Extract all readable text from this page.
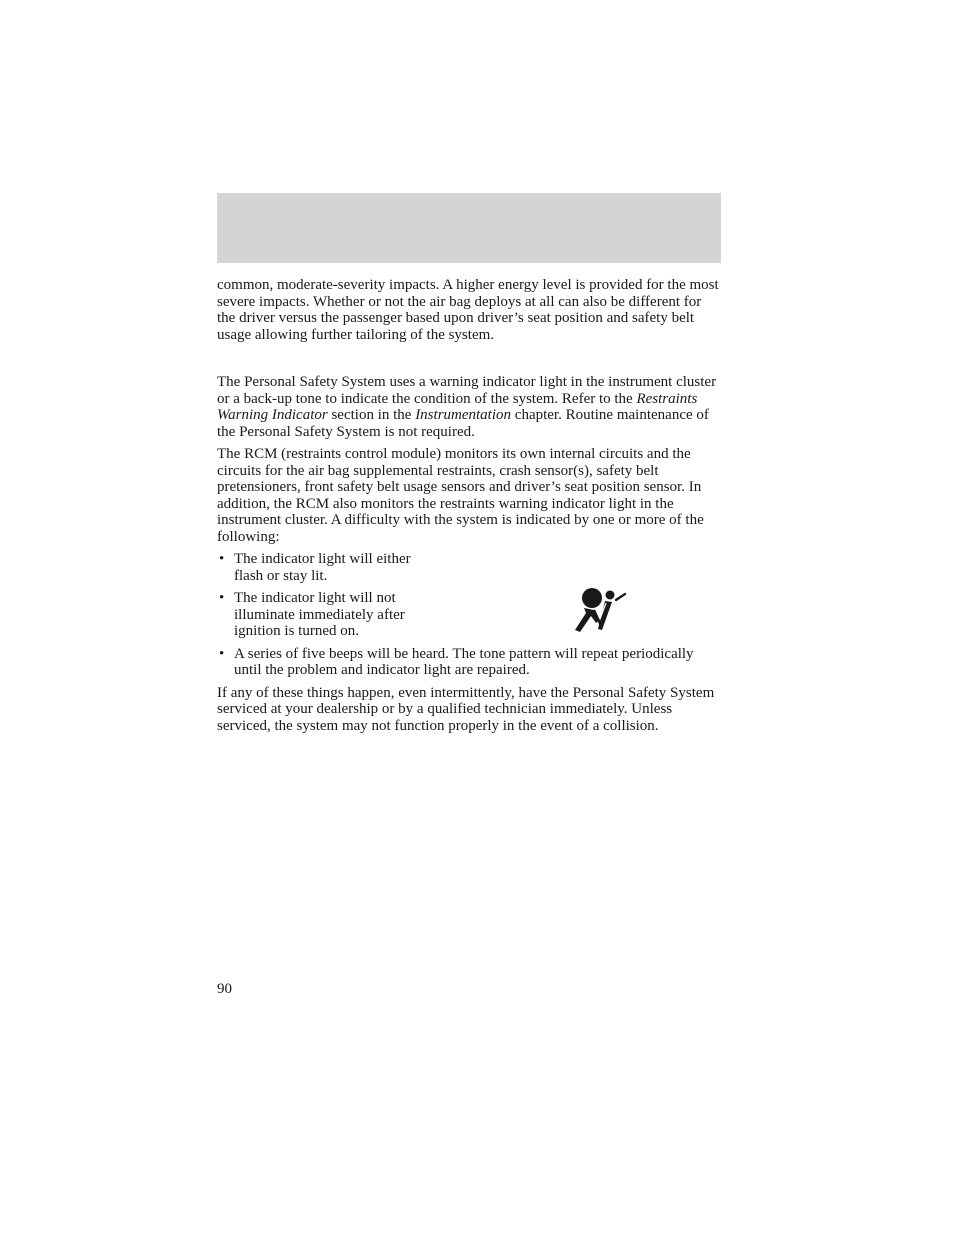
common, moderate-severity impacts. A higher energy level is provided for the most severe impacts. Whether or not the air bag deploys at all can also be different for the driver versus the passenger based upon driver’s seat position and safety belt usage allowing further tailoring of the system.

The Personal Safety System uses a warning indicator light in the instrument cluster or a back-up tone to indicate the condition of the system. Refer to the Restraints Warning Indicator section in the Instrumentation chapter. Routine maintenance of the Personal Safety System is not required.

The RCM (restraints control module) monitors its own internal circuits and the circuits for the air bag supplemental restraints, crash sensor(s), safety belt pretensioners, front safety belt usage sensors and driver’s seat position sensor. In addition, the RCM also monitors the restraints warning indicator light in the instrument cluster. A difficulty with the system is indicated by one or more of the following:

• The indicator light will either flash or stay lit.
• The indicator light will not illuminate immediately after ignition is turned on.
• A series of five beeps will be heard. The tone pattern will repeat periodically until the problem and indicator light are repaired.

If any of these things happen, even intermittently, have the Personal Safety System serviced at your dealership or by a qualified technician immediately. Unless serviced, the system may not function properly in the event of a collision.

90
